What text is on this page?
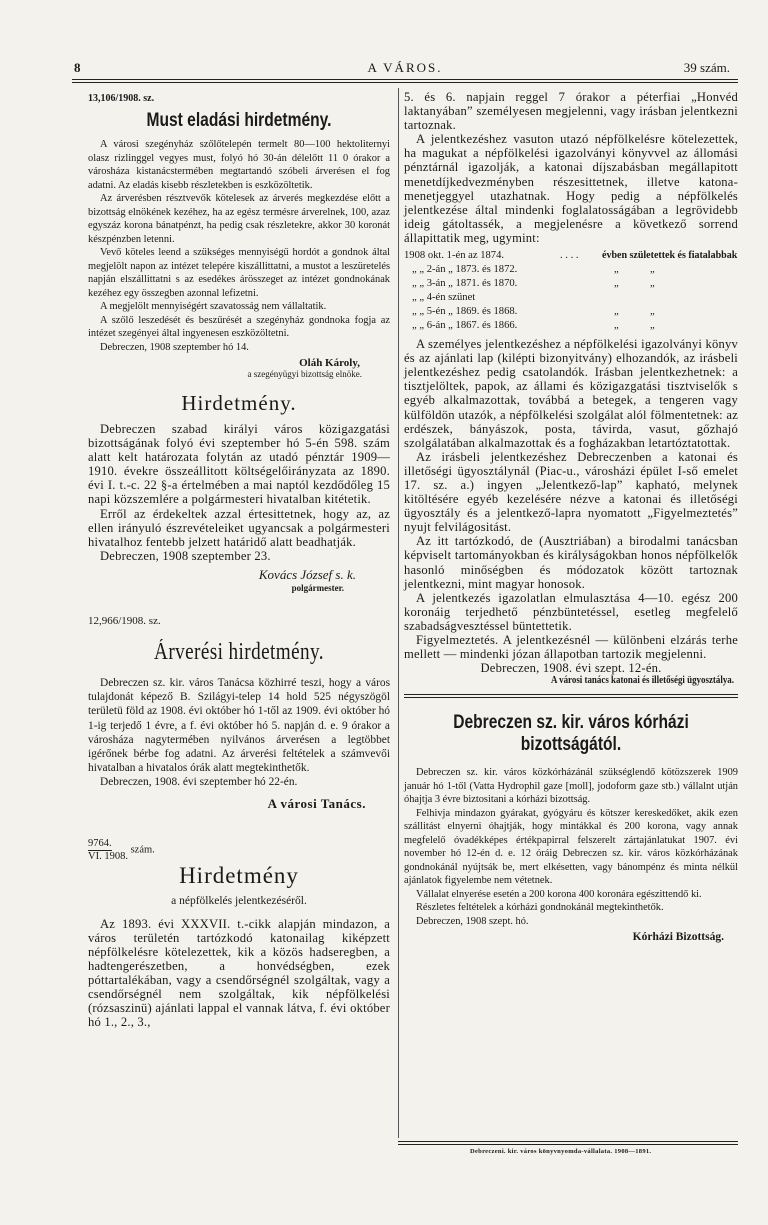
8	A VÁROS.	39 szám.
13,106/1908. sz.
Must eladási hirdetmény.

A városi szegényház szőlőtelepén termelt 80—100 hektoliternyi olasz rizlinggel vegyes must, folyó hó 30-án délelőtt 11 0 órakor a városháza kistanácstermében megtartandó szóbeli árverésen el fog adatni. Az eladás kisebb részletekben is eszközöltetik.

Az árverésben résztvevők kötelesek az árverés megkezdése előtt a bizottság elnökének kezéhez, ha az egész termésre árverelnek, 100, azaz egyszáz korona bánatpénzt, ha pedig csak részletekre, akkor 30 koronát készpénzben letenni.

Vevő köteles leend a szükséges mennyiségű hordót a gondnok által megjelölt napon az intézet telepére kiszállittatni, a mustot a leszüretelés napján elszállittatni s az esedékes árösszeget az intézet gondnokának kezéhez egy összegben azonnal lefizetni.

A megjelölt mennyiségért szavatosság nem vállaltatik.

A szőlő leszedését és beszűrését a szegényház gondnoka fogja az intézet szegényei által ingyenesen eszközöltetni.

Debreczen, 1908 szeptember hó 14.

Oláh Károly,
a szegényügyi bizottság elnöke.
Hirdetmény.

Debreczen szabad királyi város közigazgatási bizottságának folyó évi szeptember hó 5-én 598. szám alatt kelt határozata folytán az utadó pénztár 1909—1910. évekre összeállitott költségelőirányzata az 1890. évi I. t.-c. 22 §-a értelmében a mai naptól kezdődőleg 15 napi közszemlére a polgármesteri hivatalban kitétetik.

Erről az érdekeltek azzal értesittetnek, hogy az, az ellen irányuló észrevételeiket ugyancsak a polgármesteri hivatalhoz fentebb jelzett határidő alatt beadhatják.

Debreczen, 1908 szeptember 23.

Kovács József s. k.
polgármester.
12,966/1908. sz.
Árverési hirdetmény.

Debreczen sz. kir. város Tanácsa közhirré teszi, hogy a város tulajdonát képező B. Szilágyi-telep 14 hold 525 négyszögöl területü föld az 1908. évi október hó 1-től az 1909. évi október hó 1-ig terjedő 1 évre, a f. évi október hó 5. napján d. e. 9 órakor a városháza nagytermében nyilvános árverésen a legtöbbet igérőnek bérbe fog adatni. Az árverési feltételek a számvevői hivatalban a hivatalos órák alatt megtekinthetők.

Debreczen, 1908. évi szeptember hó 22-én.

A városi Tanács.
$\frac{9764.}{VI. 1908.}$ szám.
Hirdetmény
a népfölkelés jelentkezéséről.

Az 1893. évi XXXVII. t.-cikk alapján mindazon, a város területén tartózkodó katonailag kiképzett népfölkelésre kötelezettek, kik a közös hadseregben, a hadtengerészetben, a honvédségben, ezek póttartalékában, vagy a csendőrségnél szolgáltak, vagy a csendőrségnél nem szolgáltak, kik népfölkelési (rózsaszinü) ajánlati lappal el vannak látva, f. évi október hó 1., 2., 3.,

5. és 6. napjain reggel 7 órakor a péterfiai „Honvéd laktanyában” személyesen megjelenni, vagy irásban jelentkezni tartoznak.

A jelentkezéshez vasuton utazó népfölkelésre kötelezettek, ha magukat a népfölkelési igazolványi könyvvel az állomási pénztárnál igazolják, a katonai díjszabásban megállapitott menetdíjkedvezményben részesittetnek, illetve katona-menetjeggyel utazhatnak. Hogy pedig a népfölkelés jelentkezése által mindenki foglalatosságában a legrövidebb ideig gátoltassék, a megjelenésre a következő sorrend állapittatik meg, ugymint:

1908 okt. 1-én az 1874.	. . . . évben születettek és fiatalabbak
„ „ 2-án „ 1873. és 1872.	„	„
„ „ 3-án „ 1871. és 1870.	„	„
„ „ 4-én szünet
„ „ 5-én „ 1869. és 1868.	„	„
„ „ 6-án „ 1867. és 1866.	„	„

A személyes jelentkezéshez a népfölkelési igazolványi könyv és az ajánlati lap (kilépti bizonyitvány) elhozandók, az irásbeli jelentkezéshez pedig csatolandók. Irásban jelentkezhetnek: a tisztjelöltek, papok, az állami és közigazgatási tisztviselők s egyéb alkalmazottak, továbbá a betegek, a tengeren vagy külföldön utazók, a népfölkelési szolgálat alól fölmentetnek: az erdészek, bányászok, posta, távirda, vasut, gőzhajó szolgálatában alkalmazottak és a fogházakban letartóztatottak.

Az irásbeli jelentkezéshez Debreczenben a katonai és illetőségi ügyosztálynál (Piac-u., városházi épület I-ső emelet 17. sz. a.) ingyen „Jelentkező-lap” kapható, melynek kitöltésére egyéb kezelésére nézve a katonai és illetőségi ügyosztály és a jelentkező-lapra nyomatott „Figyelmeztetés” nyujt felvilágositást.

Az itt tartózkodó, de (Ausztriában) a birodalmi tanácsban képviselt tartományokban és királyságokban honos népfölkelők hasonló minőségben és módozatok között tartoznak jelentkezni, mint magyar honosok.

A jelentkezés igazolatlan elmulasztása 4—10. egész 200 koronáig terjedhető pénzbüntetéssel, esetleg megfelelő szabadságvesztéssel büntettetik.

Figyelmeztetés. A jelentkezésnél — különbeni elzárás terhe mellett — mindenki józan állapotban tartozik megjelenni.

Debreczen, 1908. évi szept. 12-én.

A városi tanács katonai és illetőségi ügyosztálya.
Debreczen sz. kir. város kórházi bizottságától.

Debreczen sz. kir. város közkórházánál szükséglendő kötözszerek 1909 január hó 1-től (Vatta Hydrophil gaze [moll], jodoform gaze stb.) vállalnt utján óhajtja 3 évre biztositani a kórházi bizottság.

Felhivja mindazon gyárakat, gyógyáru és kötszer kereskedőket, akik ezen szállitást elnyerni óhajtják, hogy mintákkal és 200 korona, vagy annak megfelelő óvadékképes értékpapirral felszerelt zártajánlatukat 1907. évi november hó 12-én d. e. 12 óráig Debreczen sz. kir. város közkórházának gondnokánál nyújtsák be, mert elkésetten, vagy bánompénz és minta nélkül ajánlatok figyelembe nem vétetnek.

Vállalat elnyerése esetén a 200 korona 400 koronára egészittendő ki.

Részletes feltételek a kórházi gondnokánál megtekinthetők.

Debreczen, 1908 szept. hó.

Kórházi Bizottság.
Debreczeni. kir. város könyvnyomda-vállalata. 1908—1891.
